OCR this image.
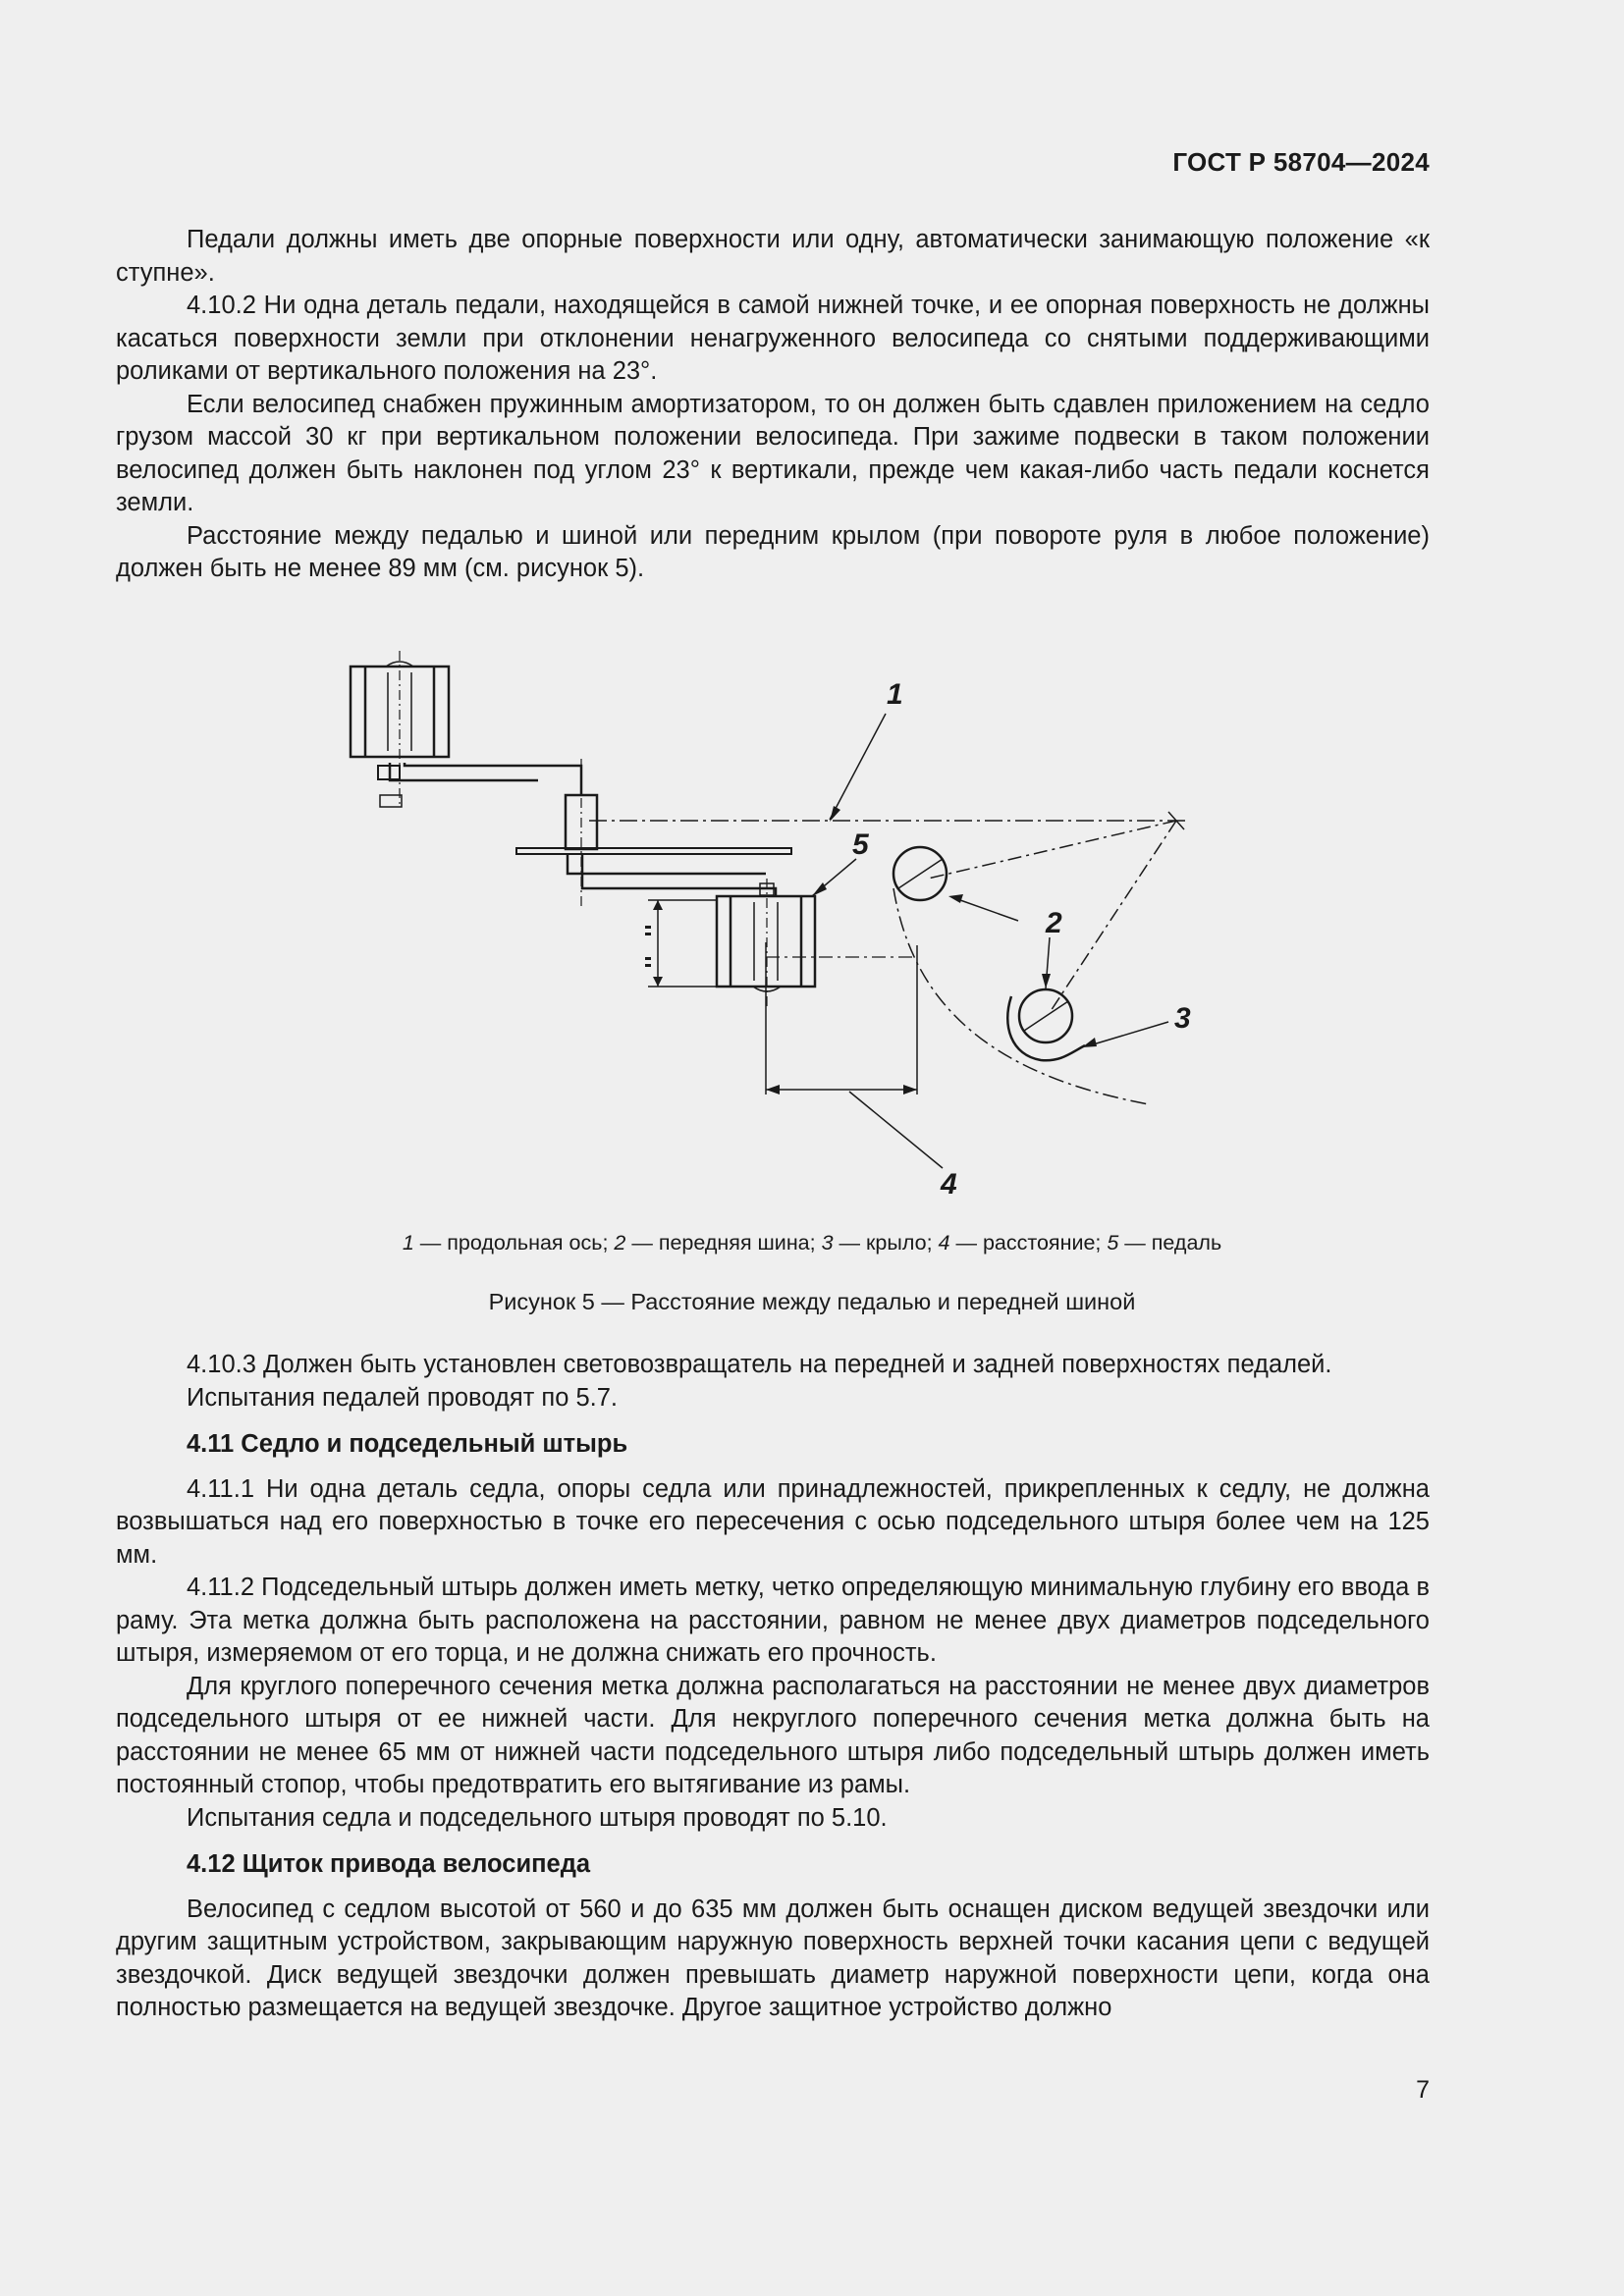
ГОСТ Р 58704—2024

Педали должны иметь две опорные поверхности или одну, автоматически занимающую положение «к ступне».

4.10.2 Ни одна деталь педали, находящейся в самой нижней точке, и ее опорная поверхность не должны касаться поверхности земли при отклонении ненагруженного велосипеда со снятыми поддерживающими роликами от вертикального положения на 23°.

Если велосипед снабжен пружинным амортизатором, то он должен быть сдавлен приложением на седло грузом массой 30 кг при вертикальном положении велосипеда. При зажиме подвески в таком положении велосипед должен быть наклонен под углом 23° к вертикали, прежде чем какая-либо часть педали коснется земли.

Расстояние между педалью и шиной или передним крылом (при повороте руля в любое положение) должен быть не менее 89 мм (см. рисунок 5).

1
5
2
3
4
1 — продольная ось; 2 — передняя шина; 3 — крыло; 4 — расстояние; 5 — педаль
Рисунок 5 — Расстояние между педалью и передней шиной

4.10.3 Должен быть установлен световозвращатель на передней и задней поверхностях педалей.

Испытания педалей проводят по 5.7.

4.11 Седло и подседельный штырь

4.11.1 Ни одна деталь седла, опоры седла или принадлежностей, прикрепленных к седлу, не должна возвышаться над его поверхностью в точке его пересечения с осью подседельного штыря более чем на 125 мм.

4.11.2 Подседельный штырь должен иметь метку, четко определяющую минимальную глубину его ввода в раму. Эта метка должна быть расположена на расстоянии, равном не менее двух диаметров подседельного штыря, измеряемом от его торца, и не должна снижать его прочность.

Для круглого поперечного сечения метка должна располагаться на расстоянии не менее двух диаметров подседельного штыря от ее нижней части. Для некруглого поперечного сечения метка должна быть на расстоянии не менее 65 мм от нижней части подседельного штыря либо подседельный штырь должен иметь постоянный стопор, чтобы предотвратить его вытягивание из рамы.

Испытания седла и подседельного штыря проводят по 5.10.

4.12 Щиток привода велосипеда

Велосипед с седлом высотой от 560 и до 635 мм должен быть оснащен диском ведущей звездочки или другим защитным устройством, закрывающим наружную поверхность верхней точки касания цепи с ведущей звездочкой. Диск ведущей звездочки должен превышать диаметр наружной поверхности цепи, когда она полностью размещается на ведущей звездочке. Другое защитное устройство должно

7
